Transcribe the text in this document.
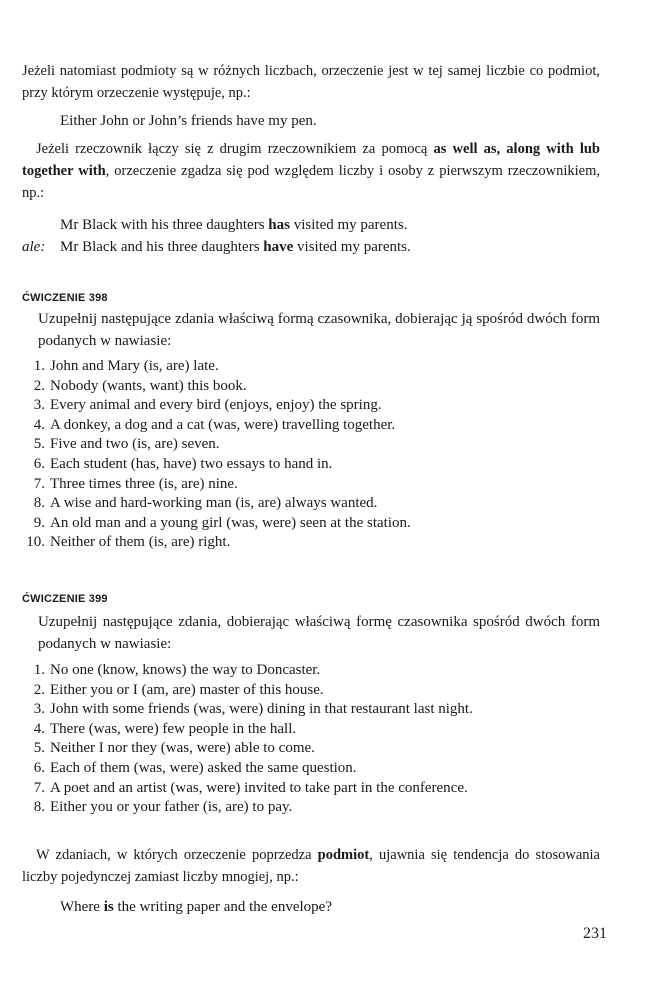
Jeżeli natomiast podmioty są w różnych liczbach, orzeczenie jest w tej samej liczbie co podmiot, przy którym orzeczenie występuje, np.:

Either John or John’s friends have my pen.

Jeżeli rzeczownik łączy się z drugim rzeczownikiem za pomocą as well as, along with lub together with, orzeczenie zgadza się pod względem liczby i osoby z pierwszym rzeczownikiem, np.:

Mr Black with his three daughters has visited my parents.
ale: Mr Black and his three daughters have visited my parents.
ĆWICZENIE 398

Uzupełnij następujące zdania właściwą formą czasownika, dobierając ją spośród dwóch form podanych w nawiasie:

1. John and Mary (is, are) late.
2. Nobody (wants, want) this book.
3. Every animal and every bird (enjoys, enjoy) the spring.
4. A donkey, a dog and a cat (was, were) travelling together.
5. Five and two (is, are) seven.
6. Each student (has, have) two essays to hand in.
7. Three times three (is, are) nine.
8. A wise and hard-working man (is, are) always wanted.
9. An old man and a young girl (was, were) seen at the station.
10. Neither of them (is, are) right.
ĆWICZENIE 399

Uzupełnij następujące zdania, dobierając właściwą formę czasownika spośród dwóch form podanych w nawiasie:

1. No one (know, knows) the way to Doncaster.
2. Either you or I (am, are) master of this house.
3. John with some friends (was, were) dining in that restaurant last night.
4. There (was, were) few people in the hall.
5. Neither I nor they (was, were) able to come.
6. Each of them (was, were) asked the same question.
7. A poet and an artist (was, were) invited to take part in the conference.
8. Either you or your father (is, are) to pay.

W zdaniach, w których orzeczenie poprzedza podmiot, ujawnia się tendencja do stosowania liczby pojedynczej zamiast liczby mnogiej, np.:

Where is the writing paper and the envelope?

231
